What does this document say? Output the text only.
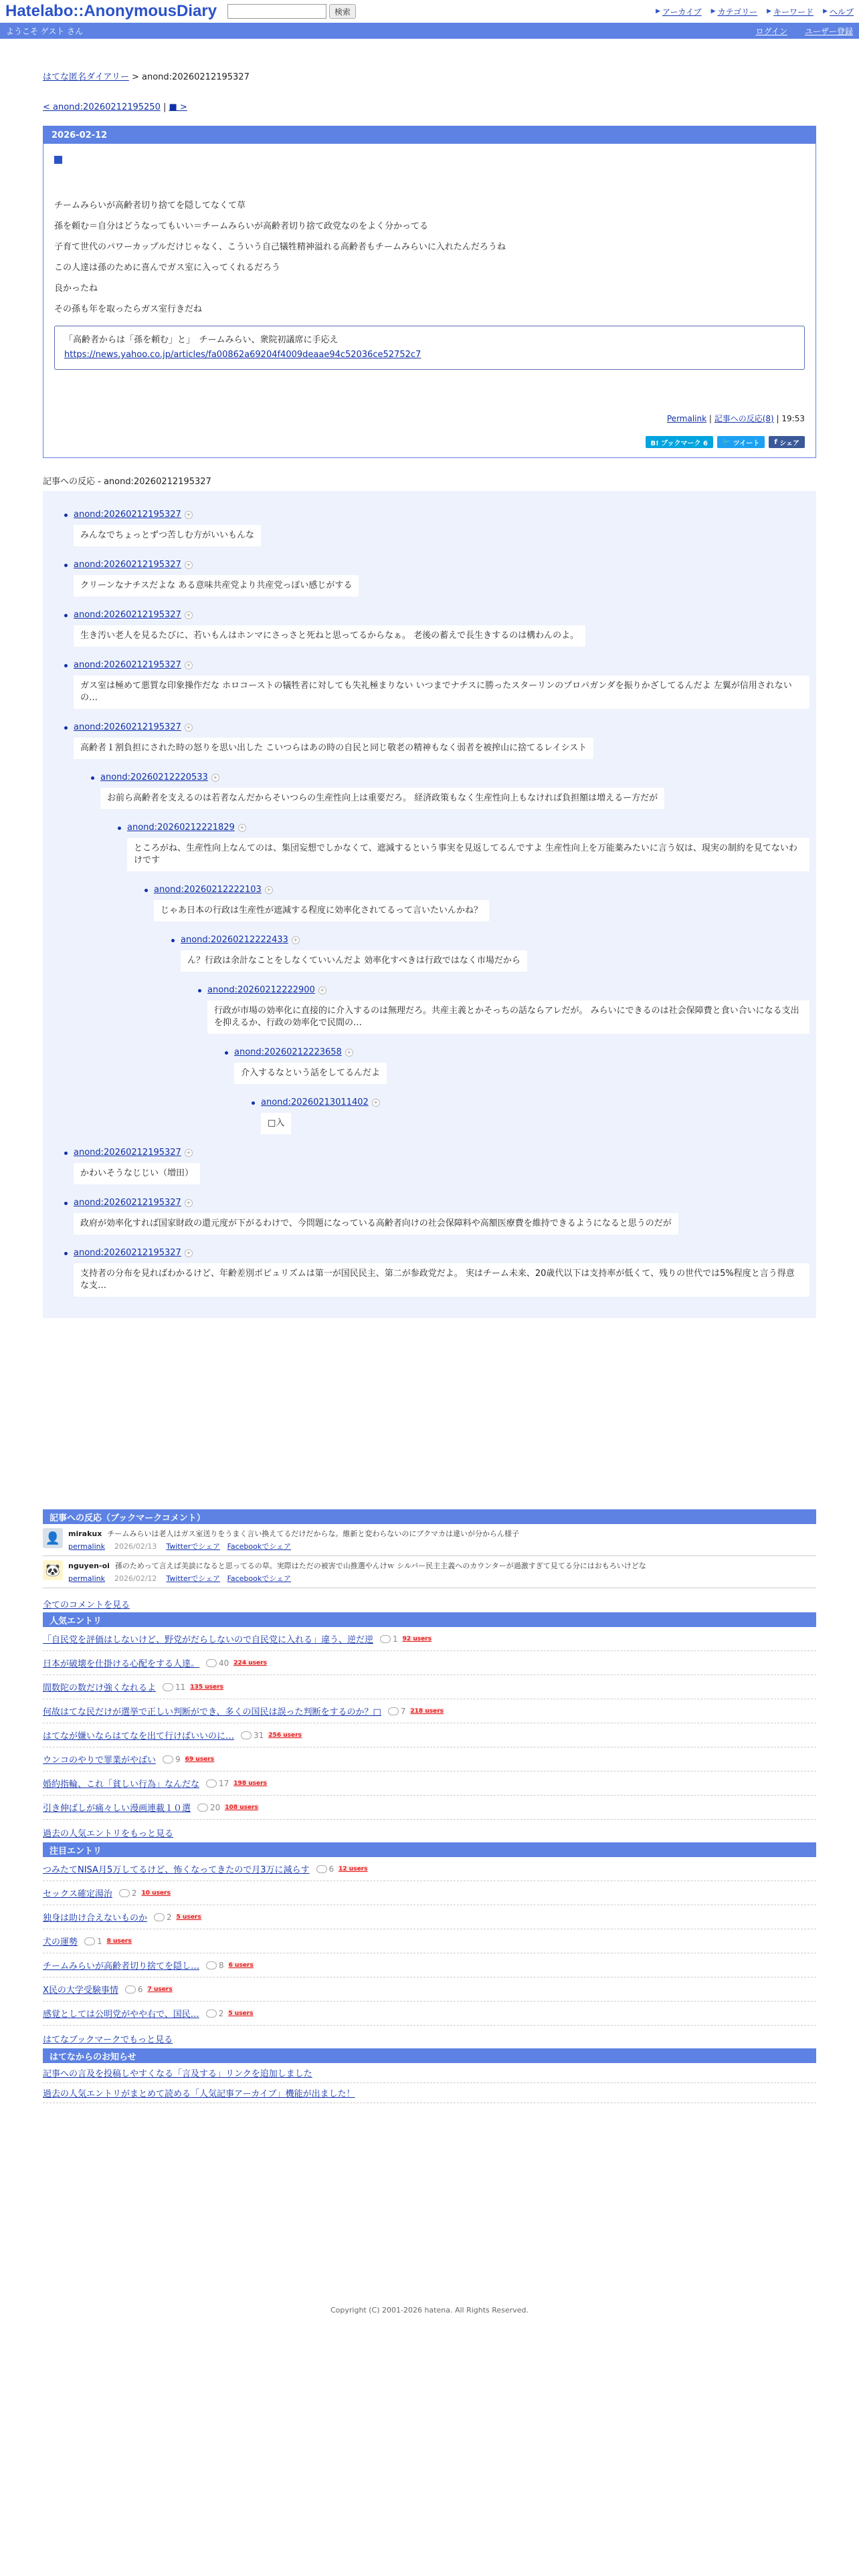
Hatelabo::AnonymousDiary	検索	▶ アーカイブ ▶ カテゴリー ▶ キーワード ▶ ヘルプ
ようこそ ゲスト さん	ログイン ユーザー登録
はてな匿名ダイアリー > anond:20260212195327
< anond:20260212195250 | ■ >
2026-02-12

チームみらいが高齢者切り捨てを隠してなくて草

孫を頼む＝自分はどうなってもいい＝チームみらいが高齢者切り捨て政党なのをよく分かってる

子育て世代のパワーカップルだけじゃなく、こういう自己犠牲精神溢れる高齢者もチームみらいに入れたんだろうね

この人達は孫のために喜んでガス室に入ってくれるだろう

良かったね

その孫も年を取ったらガス室行きだね

「高齢者からは「孫を頼む」と」　チームみらい、衆院初議席に手応え
https://news.yahoo.co.jp/articles/fa00862a69204f4009deaae94c52036ce52752c7
Permalink | 記事への反応(8) | 19:53
B! ブックマーク 6	🐦 ツイート f シェア
記事への反応 - anond:20260212195327
anond:20260212195327 +
みんなでちょっとずつ苦しむ方がいいもんな
anond:20260212195327 +
クリーンなナチスだよな ある意味共産党より共産党っぽい感じがする
anond:20260212195327 +
生き汚い老人を見るたびに、若いもんはホンマにさっさと死ねと思ってるからなぁ。 老後の蓄えで長生きするのは構わんのよ。
anond:20260212195327 +
ガス室は極めて悪質な印象操作だな ホロコーストの犠牲者に対しても失礼極まりない いつまでナチスに勝ったスターリンのプロパガンダを振りかざしてるんだよ 左翼が信用されないの…
anond:20260212195327 +
高齢者１割負担にされた時の怒りを思い出した こいつらはあの時の自民と同じ敬老の精神もなく弱者を被搾山に捨てるレイシスト
anond:20260212220533 +
お前ら高齢者を支えるのは若者なんだからそいつらの生産性向上は重要だろ。 経済政策もなく生産性向上もなければ負担額は増えるー方だが
anond:20260212221829 +
ところがね、生産性向上なんてのは、集団妄想でしかなくて、遮減するという事実を見返してるんですよ 生産性向上を万能薬みたいに言う奴は、現実の制約を見てないわけです
anond:20260212222103 +
じゃあ日本の行政は生産性が遮減する程度に効率化されてるって言いたいんかね？
anond:20260212222433 +
ん？行政は余計なことをしなくていいんだよ 効率化すべきは行政ではなく市場だから
anond:20260212222900 +
行政が市場の効率化に直接的に介入するのは無理だろ。共産主義とかそっちの話ならアレだが。 みらいにできるのは社会保障費と食い合いになる支出を抑えるか、行政の効率化で民間の…
anond:20260212223658 +
介入するなという話をしてるんだよ
anond:20260213011402 +
□入
anond:20260212195327 +
かわいそうなじじい（増田）
anond:20260212195327 +
政府が効率化すれば国家財政の還元度が下がるわけで、今問題になっている高齢者向けの社会保障料や高額医療費を維持できるようになると思うのだが
anond:20260212195327 +
支持者の分布を見ればわかるけど、年齢差別ポピュリズムは第一が国民民主、第二が参政党だよ。 実はチーム未来、20歳代以下は支持率が低くて、残りの世代では5%程度と言う得意な支…
記事への反応（ブックマークコメント）
👤	mirakux チームみらいは老人はガス室送りをうまく言い換えてるだけだからな。維新と変わらないのにブクマカは違いが分からん様子
permalink 2026/02/13 Twitterでシェア Facebookでシェア
🐼	nguyen-oi 孫のためって言えば美談になると思ってるの草。実際はただの被害で山推選やんけｗ シルバー民主主義へのカウンターが過激すぎて見てる分にはおもろいけどな
permalink 2026/02/12 Twitterでシェア Facebookでシェア
全てのコメントを見る
人気エントリ
「自民党を評価はしないけど、野党がだらしないので自民党に入れる」違う、逆だ逆 1 92 users
日本が破壊を仕掛ける心配をする人達。 40 224 users
間数陀の数だけ強くなれるよ 11 135 users
何故はてな民だけが選挙で正しい判断ができ、多くの国民は誤った判断をするのか？□ 7 218 users
はてなが嫌いならはてなを出て行けばいいのに… 31 256 users
ウンコのやりで罪業がやばい 9 69 users
婚約指輪、これ「貧しい行為」なんだな 17 198 users
引き伸ばしが痛々しい漫画連載１０選 20 108 users
過去の人気エントリをもっと見る
注目エントリ
つみたてNISA月5万してるけど、怖くなってきたので月3万に減らす 6 12 users
セックス確定湯治 2 10 users
独身は助け合えないものか 2 5 users
犬の運勢 1 8 users
チームみらいが高齢者切り捨てを隠し… 8 6 users
X民の大学受験事情 6 7 users
感覚としては公明党がやや右で、国民… 2 5 users
はてなブックマークでもっと見る
はてなからのお知らせ
記事への言及を投稿しやすくなる「言及する」リンクを追加しました
過去の人気エントリがまとめて読める「人気記事アーカイブ」機能が出ました！
Copyright (C) 2001-2026 hatena. All Rights Reserved.
